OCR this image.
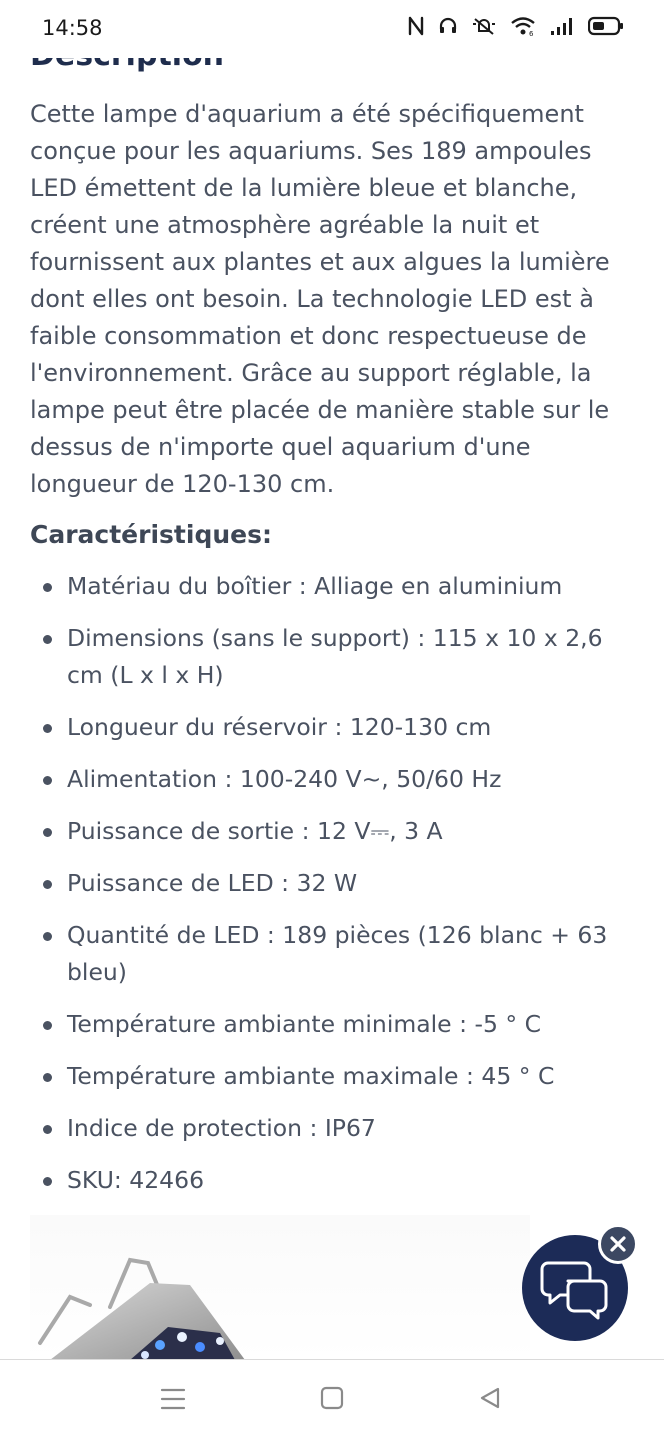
14:58	6

Cette lampe d'aquarium a été spécifiquement conçue pour les aquariums. Ses 189 ampoules LED émettent de la lumière bleue et blanche, créent une atmosphère agréable la nuit et fournissent aux plantes et aux algues la lumière dont elles ont besoin. La technologie LED est à faible consommation et donc respectueuse de l'environnement. Grâce au support réglable, la lampe peut être placée de manière stable sur le dessus de n'importe quel aquarium d'une longueur de 120-130 cm.

Caractéristiques:
Matériau du boîtier : Alliage en aluminium
Dimensions (sans le support) : 115 x 10 x 2,6 cm (L x l x H)
Longueur du réservoir : 120-130 cm
Alimentation : 100-240 V~, 50/60 Hz
Puissance de sortie : 12 V⎓, 3 A
Puissance de LED : 32 W
Quantité de LED : 189 pièces (126 blanc + 63 bleu)
Température ambiante minimale : -5 ° C
Température ambiante maximale : 45 ° C
Indice de protection : IP67
SKU: 42466
